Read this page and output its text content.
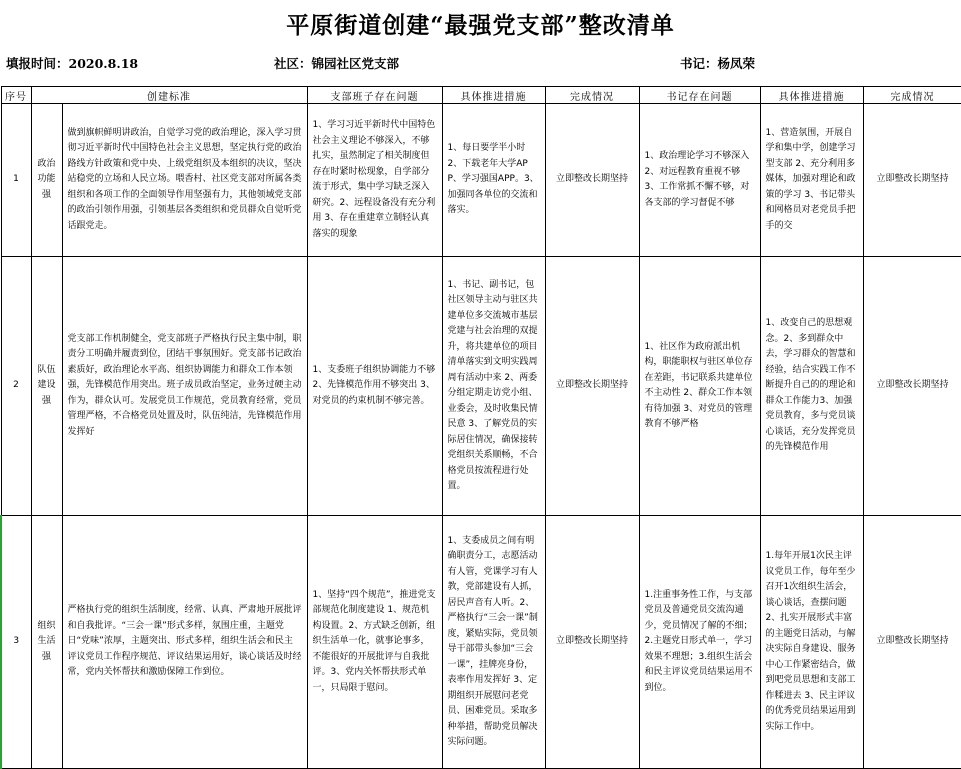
平原街道创建“最强党支部”整改清单
填报时间：2020.8.18	社区：锦园社区党支部	书记：杨凤荣
序号	创建标准		支部班子存在问题	具体推进措施	完成情况	书记存在问题	具体推进措施	完成情况
1	政治功能强	做到旗帜鲜明讲政治，自觉学习党的政治理论，深入学习贯彻习近平新时代中国特色社会主义思想，坚定执行党的政治路线方针政策和党中央、上级党组织及本组织的决议，坚决站稳党的立场和人民立场。喂香村、社区党支部对所属各类组织和各项工作的全面领导作用坚强有力，其他领域党支部的政治引领作用强，引领基层各类组织和党员群众自觉听党话跟党走。	1、学习习近平新时代中国特色社会主义理论不够深入，不够扎实，虽然制定了相关制度但存在时紧时松现象，自学部分流于形式，集中学习缺乏深入研究。2、远程设备没有充分利用 3、存在重建章立制轻认真落实的现象	1、每日要学半小时 2、下载老年大学APP、学习强国APP。3、加强同各单位的交流和落实。	立即整改长期坚持	1、政治理论学习不够深入 2、对远程教育重视不够 3、工作常抓不懈不够，对各支部的学习督促不够	1、营造氛围，开展自学和集中学，创建学习型支部 2、充分利用多媒体，加强对理论和政策的学习 3、书记带头和网格员对老党员手把手的交	立即整改长期坚持
2	队伍建设强	党支部工作机制健全，党支部班子严格执行民主集中制，职责分工明确并履责到位，团结干事氛围好。党支部书记政治素质好，政治理论水平高、组织协调能力和群众工作本领强，先锋模范作用突出。班子成员政治坚定，业务过硬主动作为，群众认可。发展党员工作规范，党员教育经常，党员管理严格，不合格党员处置及时，队伍纯洁，先锋模范作用发挥好	1、支委班子组织协调能力不够 2、先锋模范作用不够突出 3、对党员的约束机制不够完善。	1、书记、副书记，包社区领导主动与驻区共建单位多交流城市基层党建与社会治理的双提升，将共建单位的项目清单落实到文明实践周周有活动中来 2、两委分组定期走访党小组、业委会，及时收集民情民意 3、了解党员的实际居住情况，确保接转党组织关系顺畅，不合格党员按流程进行处置。	立即整改长期坚持	1、社区作为政府派出机构，职能职权与驻区单位存在差距，书记联系共建单位不主动性 2、群众工作本领有待加强 3、对党员的管理教育不够严格	1、改变自己的思想观念。2、多到群众中去，学习群众的智慧和经验，结合实践工作不断提升自己的的理论和群众工作能力3、加强党员教育，多与党员谈心谈话，充分发挥党员的先锋模范作用	立即整改长期坚持
3	组织生活强	严格执行党的组织生活制度，经常、认真、严肃地开展批评和自我批评。“三会一课”形式多样，氛围庄重，主题党日“党味”浓厚，主题突出、形式多样，组织生活会和民主评议党员工作程序规范、评议结果运用好，谈心谈话及时经常，党内关怀帮扶和激励保障工作到位。	1、坚持“四个规范”，推进党支部规范化制度建设 1、规范机构设置。2、方式缺乏创新，组织生活单一化，就事论事多，不能很好的开展批评与自我批评。3、党内关怀帮扶形式单一，只局限于慰问。	1、支委成员之间有明确职责分工，志愿活动有人管，党课学习有人教，党部建设有人抓，居民声音有人听。2、严格执行“三会一课”制度，紧贴实际，党员领导干部带头参加“三会一课”，挂牌亮身份，表率作用发挥好 3、定期组织开展慰问老党员、困难党员。采取多种举措，帮助党员解决实际问题。	立即整改长期坚持	1.注重事务性工作，与支部党员及普通党员交流沟通少，党员情况了解的不细；2.主题党日形式单一，学习效果不理想；3.组织生活会和民主评议党员结果运用不到位。	1.每年开展1次民主评议党员工作，每年至少召开1次组织生活会，谈心谈话，查摆问题 2、扎实开展形式丰富的主题党日活动，与解决实际自身建设、服务中心工作紧密结合，做到吧党员思想和支部工作糅进去 3、民主评议的优秀党员结果运用到实际工作中。	立即整改长期坚持
